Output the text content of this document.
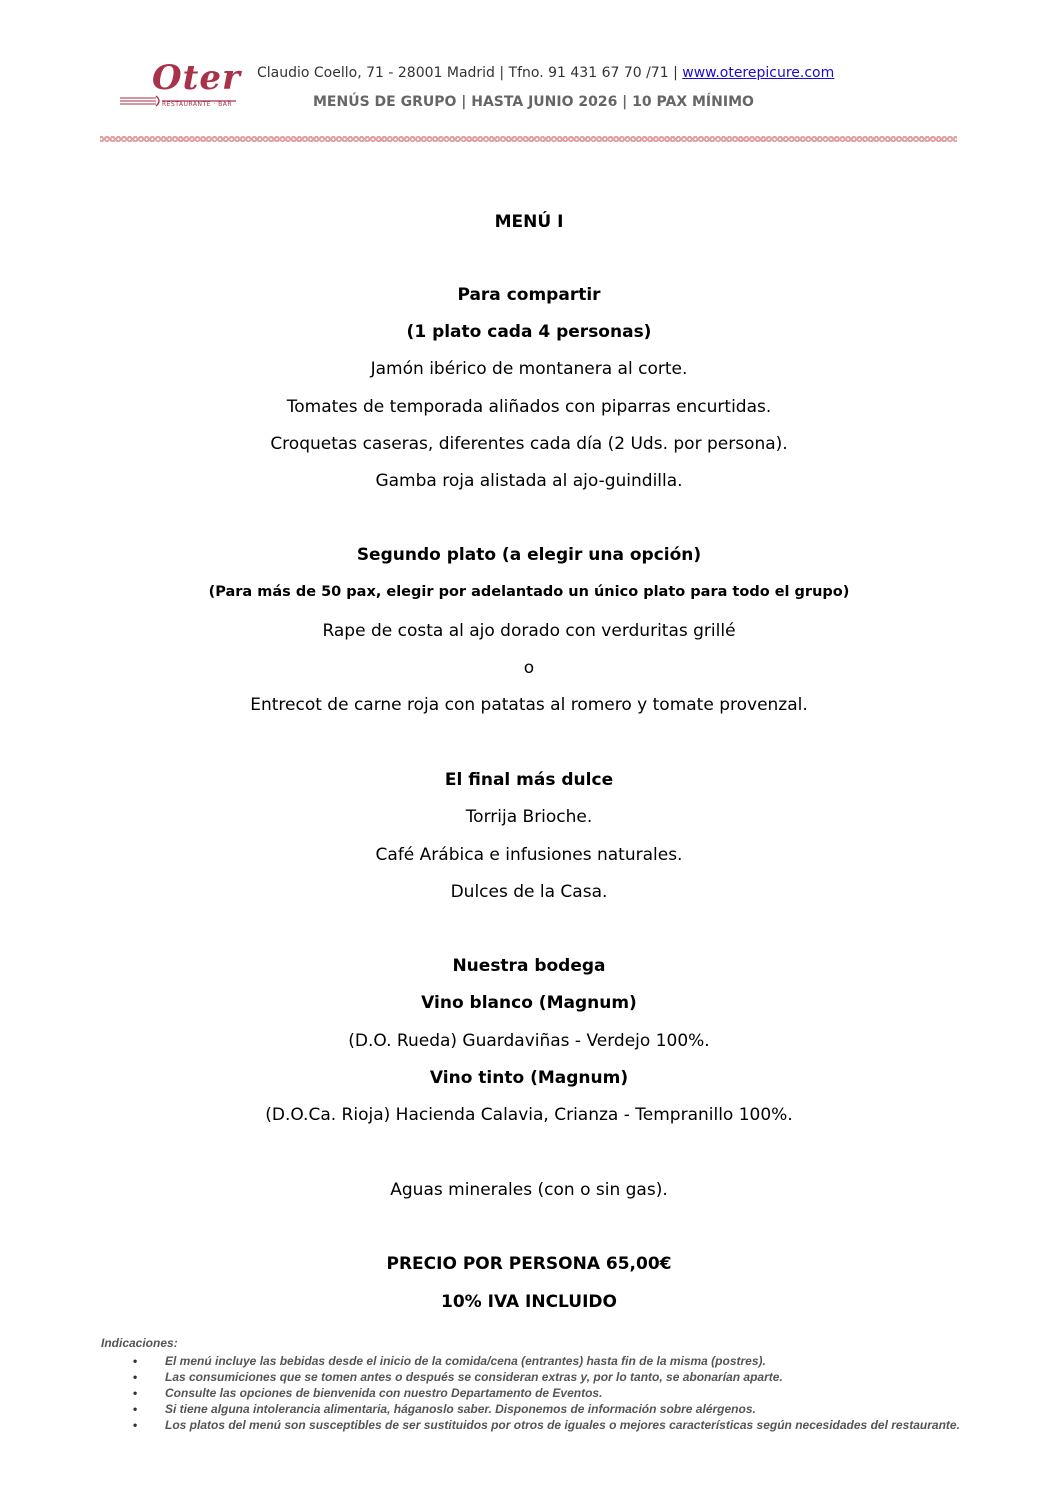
Oter
RESTAURANTE · BAR
Claudio Coello, 71 - 28001 Madrid | Tfno. 91 431 67 70 /71 | www.oterepicure.com
MENÚS DE GRUPO | HASTA JUNIO 2026 | 10 PAX MÍNIMO
MENÚ I
Para compartir
(1 plato cada 4 personas)
Jamón ibérico de montanera al corte.
Tomates de temporada aliñados con piparras encurtidas.
Croquetas caseras, diferentes cada día (2 Uds. por persona).
Gamba roja alistada al ajo-guindilla.
Segundo plato (a elegir una opción)
(Para más de 50 pax, elegir por adelantado un único plato para todo el grupo)
Rape de costa al ajo dorado con verduritas grillé
o
Entrecot de carne roja con patatas al romero y tomate provenzal.
El final más dulce
Torrija Brioche.
Café Arábica e infusiones naturales.
Dulces de la Casa.
Nuestra bodega
Vino blanco (Magnum)
(D.O. Rueda) Guardaviñas - Verdejo 100%.
Vino tinto (Magnum)
(D.O.Ca. Rioja) Hacienda Calavia, Crianza - Tempranillo 100%.
Aguas minerales (con o sin gas).
PRECIO POR PERSONA 65,00€
10% IVA INCLUIDO
Indicaciones:
• El menú incluye las bebidas desde el inicio de la comida/cena (entrantes) hasta fin de la misma (postres).
• Las consumiciones que se tomen antes o después se consideran extras y, por lo tanto, se abonarían aparte.
• Consulte las opciones de bienvenida con nuestro Departamento de Eventos.
• Si tiene alguna intolerancia alimentaria, háganoslo saber. Disponemos de información sobre alérgenos.
• Los platos del menú son susceptibles de ser sustituidos por otros de iguales o mejores características según necesidades del restaurante.
